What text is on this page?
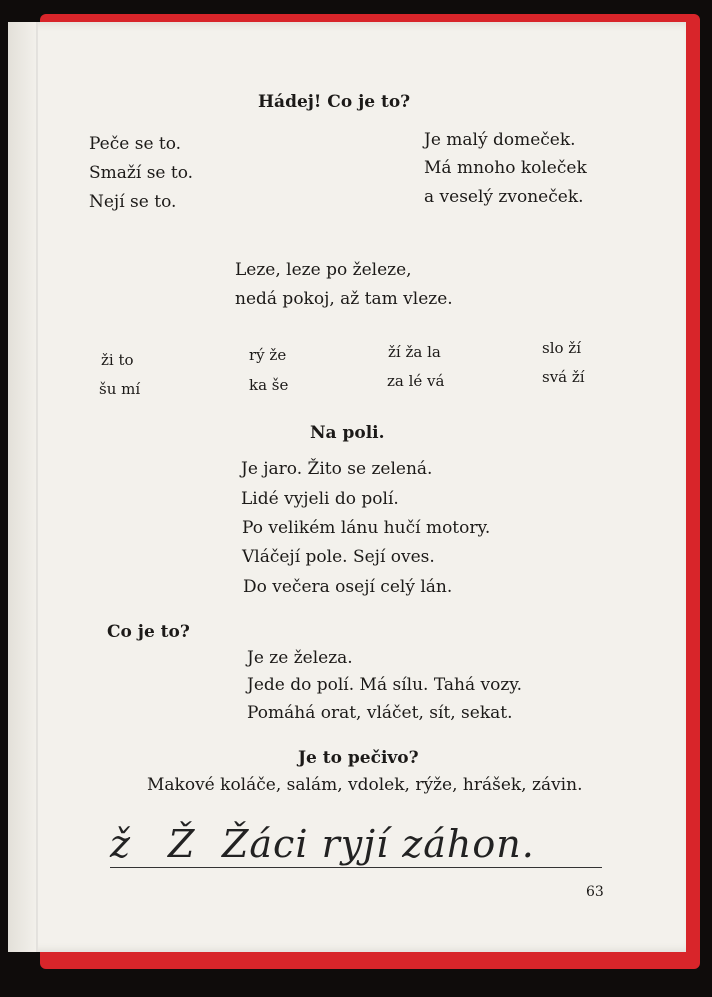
Hádej! Co je to?
Peče se to.
Smaží se to.
Nejí se to.
Je malý domeček.
Má mnoho koleček
a veselý zvoneček.
Leze, leze po železe,
nedá pokoj, až tam vleze.
ži to
šu mí
rý že
ka še
ží ža la
za lé vá
slo ží
svá ží
Na poli.
Je jaro. Žito se zelená.
Lidé vyjeli do polí.
Po velikém lánu hučí motory.
Vláčejí pole. Sejí oves.
Do večera osejí celý lán.
Co je to?
Je ze železa.
Jede do polí. Má sílu. Tahá vozy.
Pomáhá orat, vláčet, sít, sekat.
Je to pečivo?
Makové koláče, salám, vdolek, rýže, hrášek, závin.
ž Ž Žáci ryjí záhon.
63
